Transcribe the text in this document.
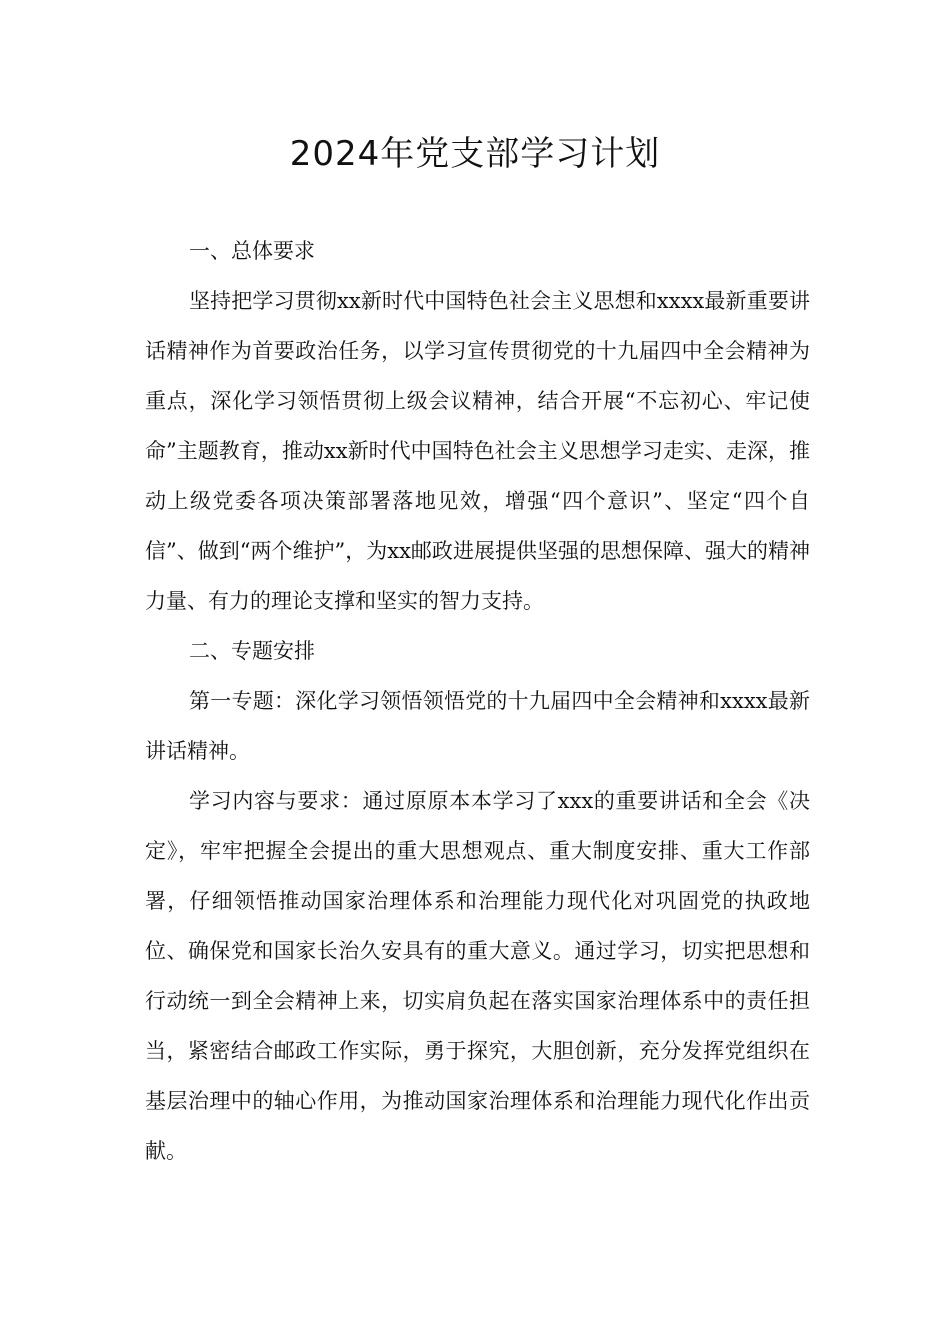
2024年党支部学习计划

一、总体要求

坚持把学习贯彻xx新时代中国特色社会主义思想和xxxx最新重要讲话精神作为首要政治任务，以学习宣传贯彻党的十九届四中全会精神为重点，深化学习领悟贯彻上级会议精神，结合开展“不忘初心、牢记使命”主题教育，推动xx新时代中国特色社会主义思想学习走实、走深，推动上级党委各项决策部署落地见效，增强“四个意识”、坚定“四个自信”、做到“两个维护”，为xx邮政进展提供坚强的思想保障、强大的精神力量、有力的理论支撑和坚实的智力支持。

二、专题安排

第一专题：深化学习领悟领悟党的十九届四中全会精神和xxxx最新讲话精神。

学习内容与要求：通过原原本本学习了xxx的重要讲话和全会《决定》，牢牢把握全会提出的重大思想观点、重大制度安排、重大工作部署，仔细领悟推动国家治理体系和治理能力现代化对巩固党的执政地位、确保党和国家长治久安具有的重大意义。通过学习，切实把思想和行动统一到全会精神上来，切实肩负起在落实国家治理体系中的责任担当，紧密结合邮政工作实际，勇于探究，大胆创新，充分发挥党组织在基层治理中的轴心作用，为推动国家治理体系和治理能力现代化作出贡献。
